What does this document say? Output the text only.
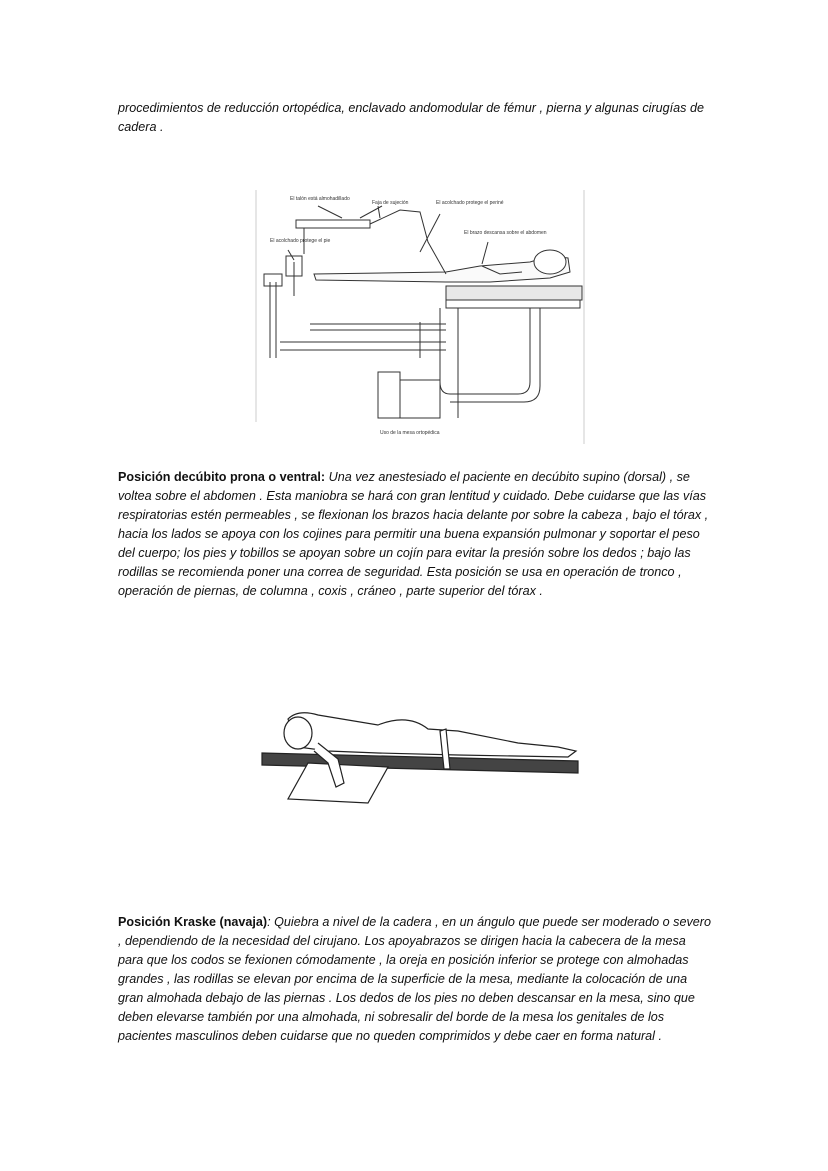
procedimientos de reducción ortopédica, enclavado andomodular de fémur , pierna y algunas cirugías de cadera .

El talón está almohadillado
Faja de sujeción	El acolchado protege el periné
El brazo descansa sobre el abdomen
El acolchado protege el pie
Uso de la mesa ortopédica

Posición decúbito prona o ventral: Una vez anestesiado el paciente en decúbito supino (dorsal) , se voltea sobre el abdomen . Esta maniobra se hará con gran lentitud y cuidado. Debe cuidarse que las vías respiratorias estén permeables , se flexionan los brazos hacia delante por sobre la cabeza , bajo el tórax , hacia los lados se apoya con los cojines para permitir una buena expansión pulmonar y soportar el peso del cuerpo; los pies y tobillos se apoyan sobre un cojín para evitar la presión sobre los dedos ; bajo las rodillas se recomienda poner una correa de seguridad. Esta posición se usa en operación de tronco , operación de piernas, de columna , coxis , cráneo , parte superior del tórax .

Posición Kraske (navaja): Quiebra a nivel de la cadera , en un ángulo que puede ser moderado o severo , dependiendo de la necesidad del cirujano. Los apoyabrazos se dirigen hacia la cabecera de la mesa para que los codos se fexionen cómodamente , la oreja en posición inferior se protege con almohadas grandes , las rodillas se elevan por encima de la superficie de la mesa, mediante la colocación de una gran almohada debajo de las piernas . Los dedos de los pies no deben descansar en la mesa, sino que deben elevarse también por una almohada, ni sobresalir del borde de la mesa los genitales de los pacientes masculinos deben cuidarse que no queden comprimidos y debe caer en forma natural .
